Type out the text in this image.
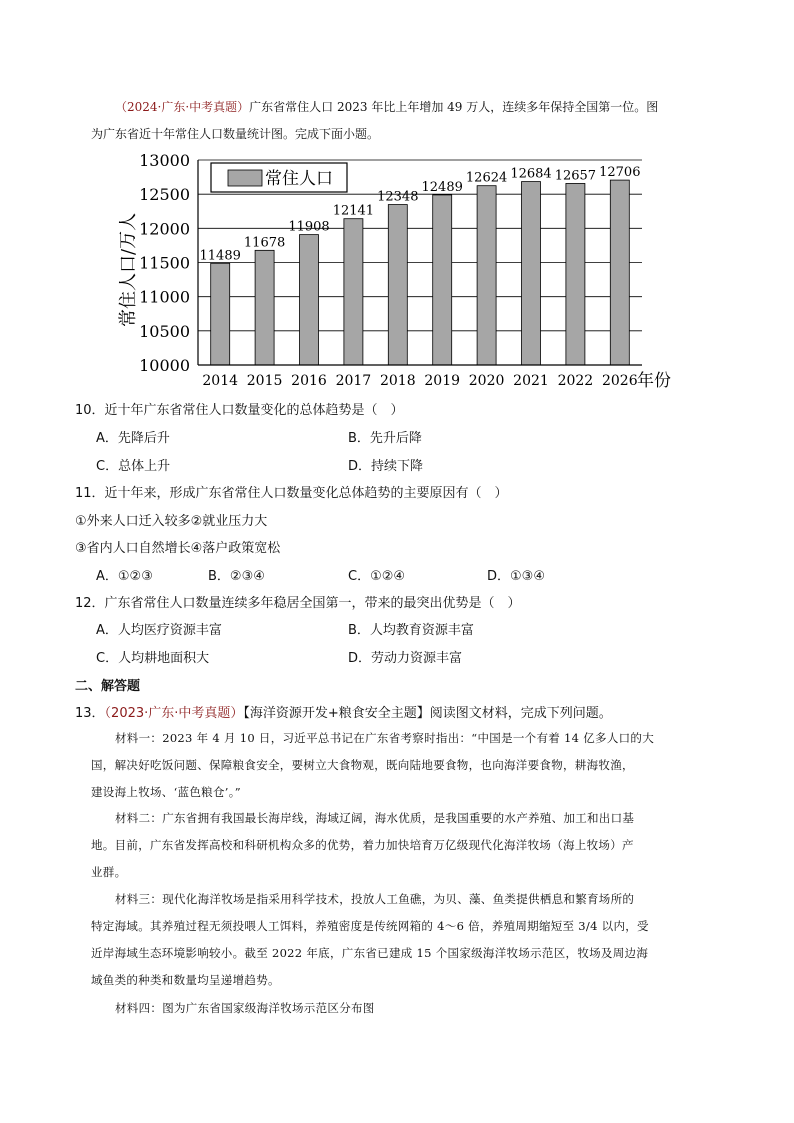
（2024·广东·中考真题）广东省常住人口 2023 年比上年增加 49 万人，连续多年保持全国第一位。图
为广东省近十年常住人口数量统计图。完成下面小题。
11489
11678
11908
12141
12348
12489
12624 12684 12657 12706
10000
10500
11000
11500
12000
12500
13000
2014 2015 2016 2017 2018 2019 2020 2021 2022 2026
常住人口
年份
常住人口/万人
10．近十年广东省常住人口数量变化的总体趋势是（　）
A．先降后升	B．先升后降
C．总体上升	D．持续下降
11．近十年来，形成广东省常住人口数量变化总体趋势的主要原因有（　）
①外来人口迁入较多②就业压力大
③省内人口自然增长④落户政策宽松
A．①②③	B．②③④	C．①②④	D．①③④
12．广东省常住人口数量连续多年稳居全国第一，带来的最突出优势是（　）
A．人均医疗资源丰富	B．人均教育资源丰富
C．人均耕地面积大	D．劳动力资源丰富
二、解答题
13．（2023·广东·中考真题）【海洋资源开发+粮食安全主题】阅读图文材料，完成下列问题。
材料一：2023 年 4 月 10 日，习近平总书记在广东省考察时指出：“中国是一个有着 14 亿多人口的大
国，解决好吃饭问题、保障粮食安全，要树立大食物观，既向陆地要食物，也向海洋要食物，耕海牧渔，
建设海上牧场、‘蓝色粮仓’。”
材料二：广东省拥有我国最长海岸线，海域辽阔，海水优质，是我国重要的水产养殖、加工和出口基
地。目前，广东省发挥高校和科研机构众多的优势，着力加快培育万亿级现代化海洋牧场（海上牧场）产
业群。
材料三：现代化海洋牧场是指采用科学技术，投放人工鱼礁，为贝、藻、鱼类提供栖息和繁育场所的
特定海域。其养殖过程无须投喂人工饵料，养殖密度是传统网箱的 4～6 倍，养殖周期缩短至 3/4 以内，受
近岸海域生态环境影响较小。截至 2022 年底，广东省已建成 15 个国家级海洋牧场示范区，牧场及周边海
域鱼类的种类和数量均呈递增趋势。
材料四：图为广东省国家级海洋牧场示范区分布图
